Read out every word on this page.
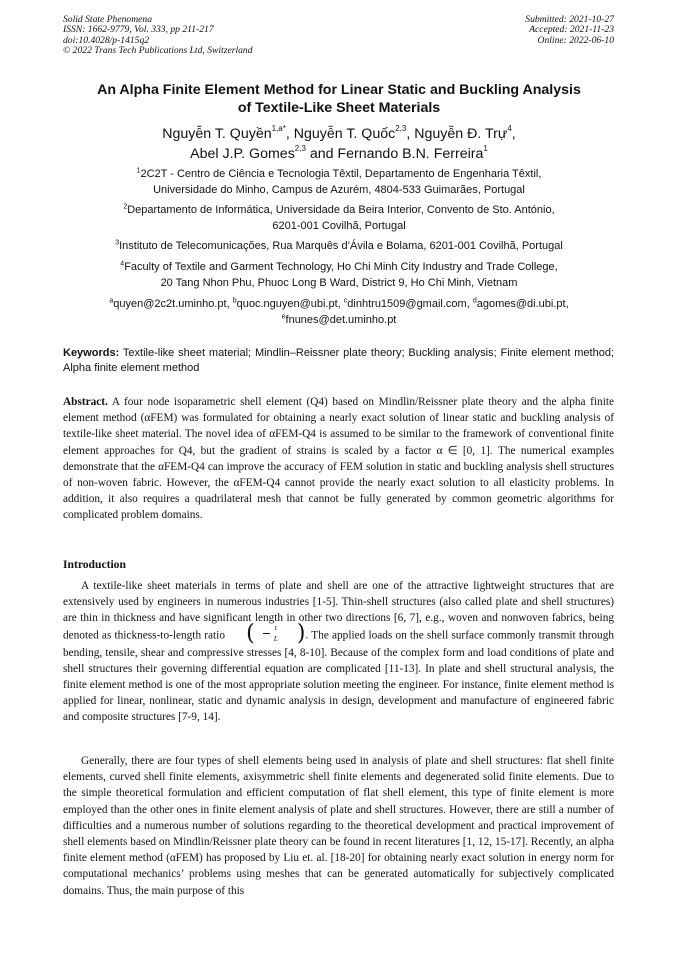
Solid State Phenomena
ISSN: 1662-9779, Vol. 333, pp 211-217
doi:10.4028/p-1415q2
© 2022 Trans Tech Publications Ltd, Switzerland
Submitted: 2021-10-27
Accepted: 2021-11-23
Online: 2022-06-10
An Alpha Finite Element Method for Linear Static and Buckling Analysis
of Textile-Like Sheet Materials
Nguyễn T. Quyền$^{1,a*}$, Nguyễn T. Quốc$^{2,3}$, Nguyễn Đ. Trự$^4$,
Abel J.P. Gomes$^{2,3}$ and Fernando B.N. Ferreira$^1$
$^1$2C2T - Centro de Ciência e Tecnologia Têxtil, Departamento de Engenharia Têxtil,
Universidade do Minho, Campus de Azurém, 4804-533 Guimarães, Portugal
$^2$Departamento de Informática, Universidade da Beira Interior, Convento de Sto. António,
6201-001 Covilhã, Portugal
$^3$Instituto de Telecomunicações, Rua Marquês d’Ávila e Bolama, 6201-001 Covilhã, Portugal
$^4$Faculty of Textile and Garment Technology, Ho Chi Minh City Industry and Trade College,
20 Tang Nhon Phu, Phuoc Long B Ward, District 9, Ho Chi Minh, Vietnam
$^a$quyen@2c2t.uminho.pt, $^b$quoc.nguyen@ubi.pt, $^c$dinhtru1509@gmail.com, $^d$agomes@di.ubi.pt,
$^e$fnunes@det.uminho.pt
Keywords: Textile-like sheet material; Mindlin–Reissner plate theory; Buckling analysis; Finite element method; Alpha finite element method
Abstract. A four node isoparametric shell element (Q4) based on Mindlin/Reissner plate theory and the alpha finite element method (αFEM) was formulated for obtaining a nearly exact solution of linear static and buckling analysis of textile-like sheet material. The novel idea of αFEM-Q4 is assumed to be similar to the framework of conventional finite element approaches for Q4, but the gradient of strains is scaled by a factor α ∈ [0, 1]. The numerical examples demonstrate that the αFEM-Q4 can improve the accuracy of FEM solution in static and buckling analysis shell structures of non-woven fabric. However, the αFEM-Q4 cannot provide the nearly exact solution to all elasticity problems. In addition, it also requires a quadrilateral mesh that cannot be fully generated by common geometric algorithms for complicated problem domains.
Introduction
A textile-like sheet materials in terms of plate and shell are one of the attractive lightweight structures that are extensively used by engineers in numerous industries [1-5]. Thin-shell structures (also called plate and shell structures) are thin in thickness and have significant length in other two directions [6, 7], e.g., woven and nonwoven fabrics, being denoted as thickness-to-length ratio (	t
L ) . The applied loads on the shell surface commonly transmit through bending, tensile, shear and compressive stresses [4, 8-10]. Because of the complex form and load conditions of plate and shell structures their governing differential equation are complicated [11-13]. In plate and shell structural analysis, the finite element method is one of the most appropriate solution meeting the engineer. For instance, finite element method is applied for linear, nonlinear, static and dynamic analysis in design, development and manufacture of engineered fabric and composite structures [7-9, 14].
Generally, there are four types of shell elements being used in analysis of plate and shell structures: flat shell finite elements, curved shell finite elements, axisymmetric shell finite elements and degenerated solid finite elements. Due to the simple theoretical formulation and efficient computation of flat shell element, this type of finite element is more employed than the other ones in finite element analysis of plate and shell structures. However, there are still a number of difficulties and a numerous number of solutions regarding to the theoretical development and practical improvement of shell elements based on Mindlin/Reissner plate theory can be found in recent literatures [1, 12, 15-17]. Recently, an alpha finite element method (αFEM) has proposed by Liu et. al. [18-20] for obtaining nearly exact solution in energy norm for computational mechanics’ problems using meshes that can be generated automatically for subjectively complicated domains. Thus, the main purpose of this
